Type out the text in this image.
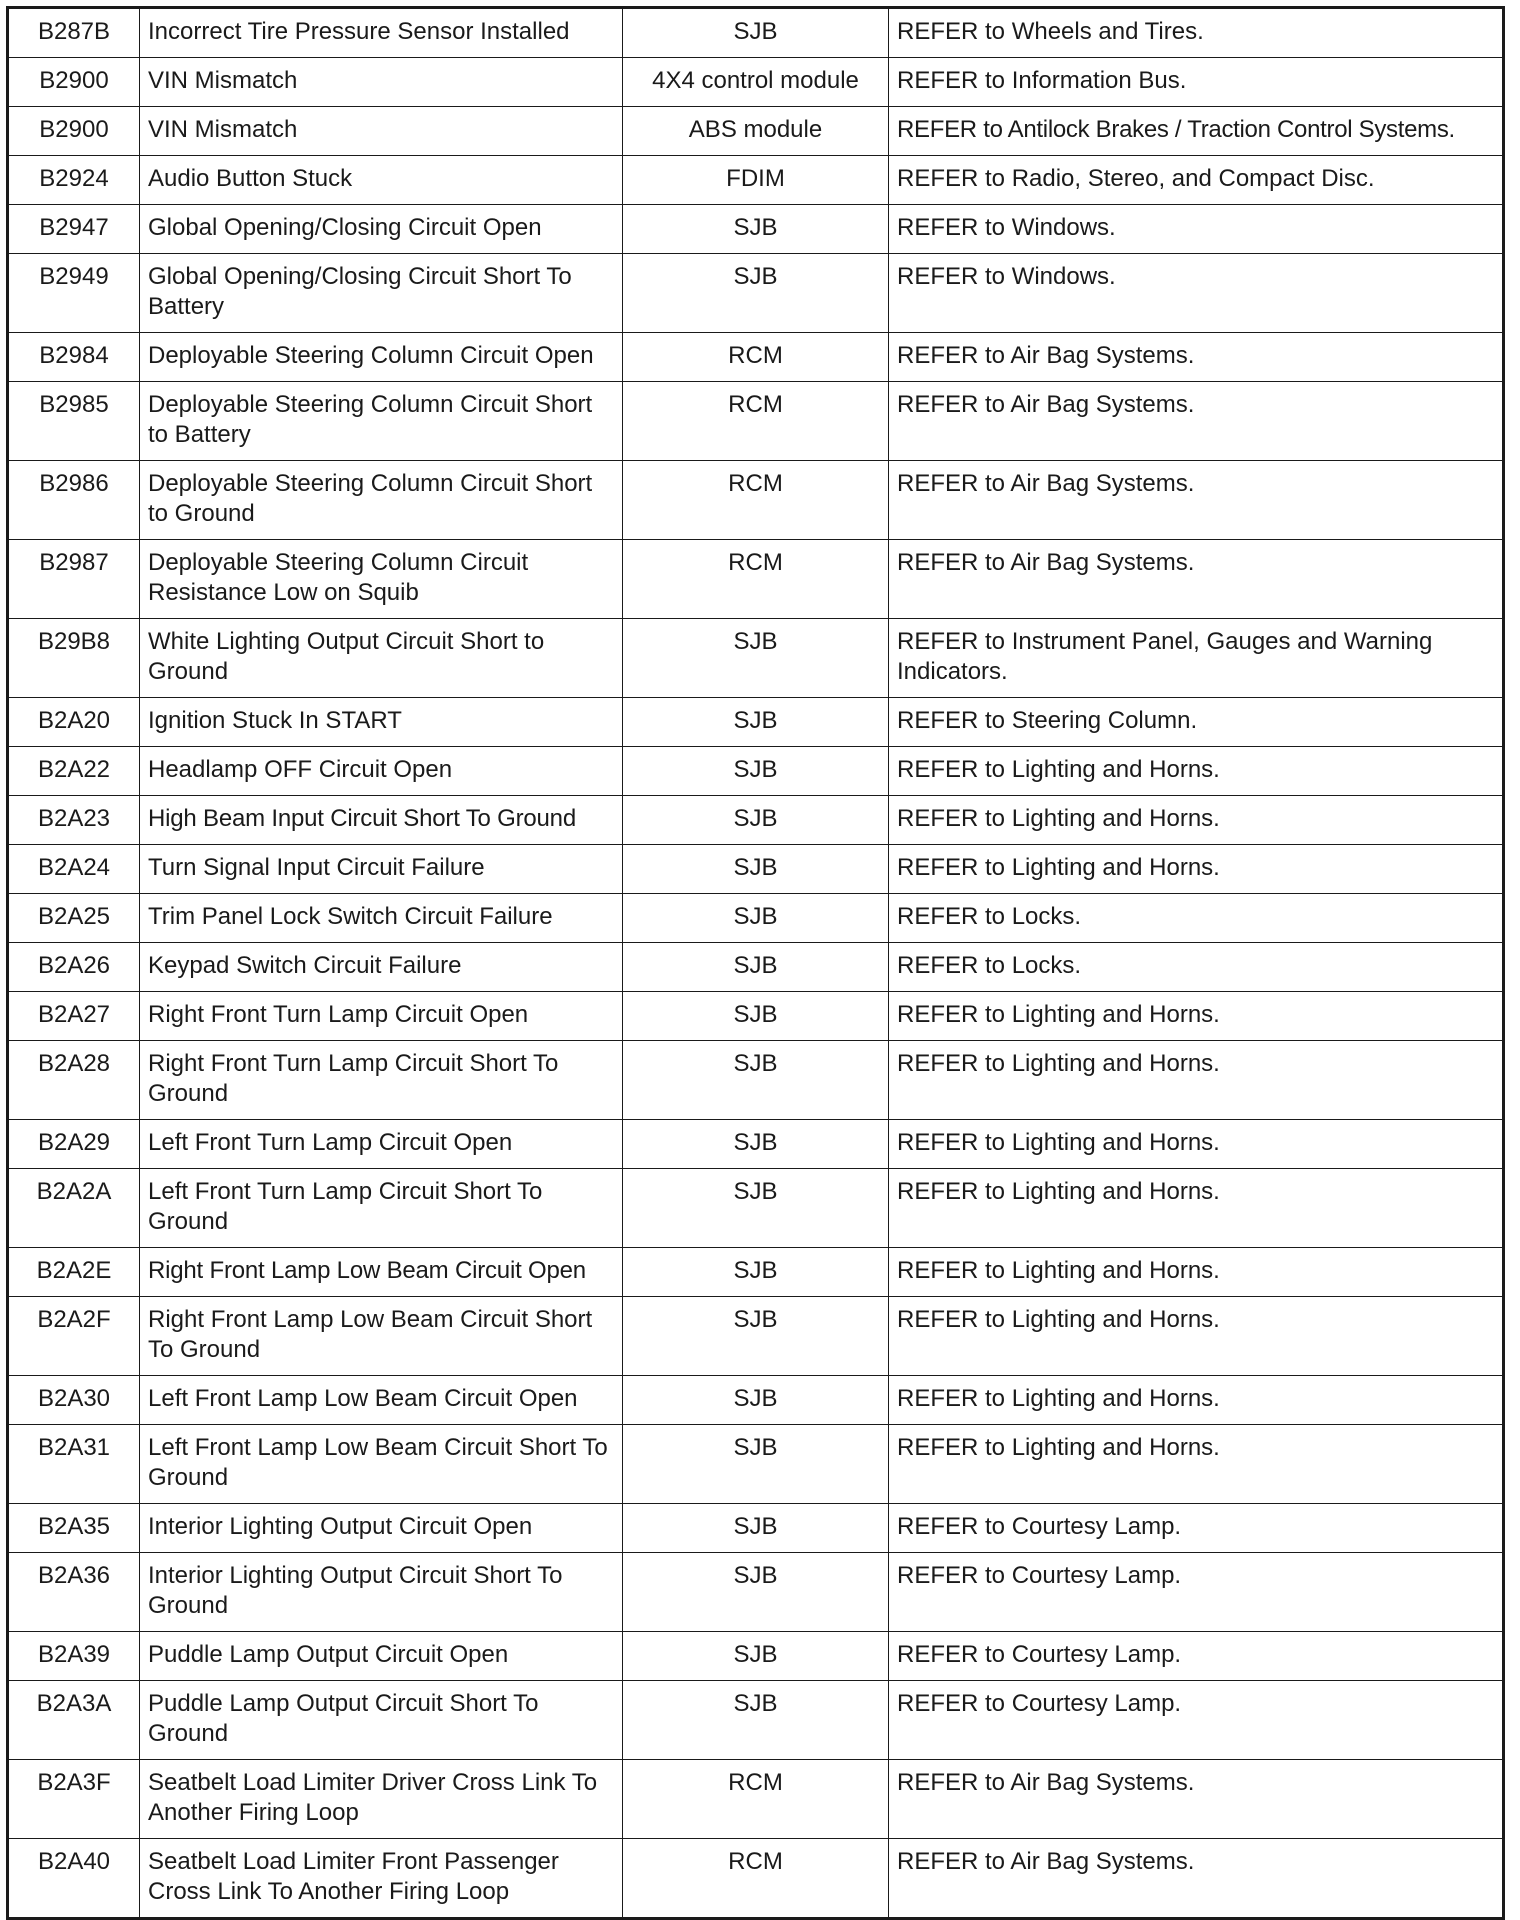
B287B	Incorrect Tire Pressure Sensor Installed	SJB	REFER to Wheels and Tires.
B2900	VIN Mismatch	4X4 control module	REFER to Information Bus.
B2900	VIN Mismatch	ABS module	REFER to Antilock Brakes / Traction Control Systems.
B2924	Audio Button Stuck	FDIM	REFER to Radio, Stereo, and Compact Disc.
B2947	Global Opening/Closing Circuit Open	SJB	REFER to Windows.
B2949	Global Opening/Closing Circuit Short To Battery	SJB	REFER to Windows.
B2984	Deployable Steering Column Circuit Open	RCM	REFER to Air Bag Systems.
B2985	Deployable Steering Column Circuit Short to Battery	RCM	REFER to Air Bag Systems.
B2986	Deployable Steering Column Circuit Short to Ground	RCM	REFER to Air Bag Systems.
B2987	Deployable Steering Column Circuit Resistance Low on Squib	RCM	REFER to Air Bag Systems.
B29B8	White Lighting Output Circuit Short to Ground	SJB	REFER to Instrument Panel, Gauges and Warning Indicators.
B2A20	Ignition Stuck In START	SJB	REFER to Steering Column.
B2A22	Headlamp OFF Circuit Open	SJB	REFER to Lighting and Horns.
B2A23	High Beam Input Circuit Short To Ground	SJB	REFER to Lighting and Horns.
B2A24	Turn Signal Input Circuit Failure	SJB	REFER to Lighting and Horns.
B2A25	Trim Panel Lock Switch Circuit Failure	SJB	REFER to Locks.
B2A26	Keypad Switch Circuit Failure	SJB	REFER to Locks.
B2A27	Right Front Turn Lamp Circuit Open	SJB	REFER to Lighting and Horns.
B2A28	Right Front Turn Lamp Circuit Short To Ground	SJB	REFER to Lighting and Horns.
B2A29	Left Front Turn Lamp Circuit Open	SJB	REFER to Lighting and Horns.
B2A2A	Left Front Turn Lamp Circuit Short To Ground	SJB	REFER to Lighting and Horns.
B2A2E	Right Front Lamp Low Beam Circuit Open	SJB	REFER to Lighting and Horns.
B2A2F	Right Front Lamp Low Beam Circuit Short To Ground	SJB	REFER to Lighting and Horns.
B2A30	Left Front Lamp Low Beam Circuit Open	SJB	REFER to Lighting and Horns.
B2A31	Left Front Lamp Low Beam Circuit Short To Ground	SJB	REFER to Lighting and Horns.
B2A35	Interior Lighting Output Circuit Open	SJB	REFER to Courtesy Lamp.
B2A36	Interior Lighting Output Circuit Short To Ground	SJB	REFER to Courtesy Lamp.
B2A39	Puddle Lamp Output Circuit Open	SJB	REFER to Courtesy Lamp.
B2A3A	Puddle Lamp Output Circuit Short To Ground	SJB	REFER to Courtesy Lamp.
B2A3F	Seatbelt Load Limiter Driver Cross Link To Another Firing Loop	RCM	REFER to Air Bag Systems.
B2A40	Seatbelt Load Limiter Front Passenger Cross Link To Another Firing Loop	RCM	REFER to Air Bag Systems.
